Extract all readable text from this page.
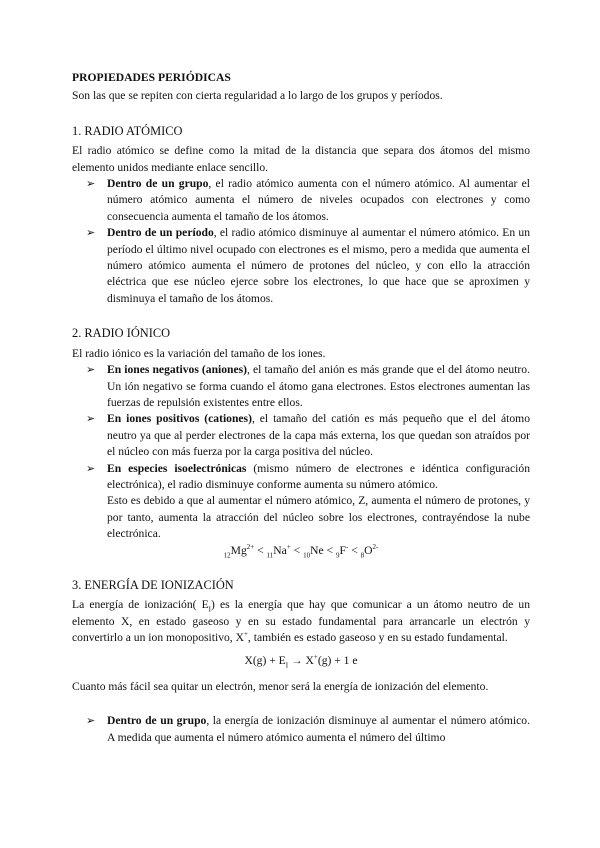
PROPIEDADES PERIÓDICAS

Son las que se repiten con cierta regularidad a lo largo de los grupos y períodos.

1. RADIO ATÓMICO

El radio atómico se define como la mitad de la distancia que separa dos átomos del mismo elemento unidos mediante enlace sencillo.

➢ Dentro de un grupo, el radio atómico aumenta con el número atómico. Al aumentar el número atómico aumenta el número de niveles ocupados con electrones y como consecuencia aumenta el tamaño de los átomos.
➢ Dentro de un período, el radio atómico disminuye al aumentar el número atómico. En un período el último nivel ocupado con electrones es el mismo, pero a medida que aumenta el número atómico aumenta el número de protones del núcleo, y con ello la atracción eléctrica que ese núcleo ejerce sobre los electrones, lo que hace que se aproximen y disminuya el tamaño de los átomos.
2. RADIO IÓNICO

El radio iónico es la variación del tamaño de los iones.

➢ En iones negativos (aniones), el tamaño del anión es más grande que el del átomo neutro. Un ión negativo se forma cuando el átomo gana electrones. Estos electrones aumentan las fuerzas de repulsión existentes entre ellos.
➢ En iones positivos (cationes), el tamaño del catión es más pequeño que el del átomo neutro ya que al perder electrones de la capa más externa, los que quedan son atraídos por el núcleo con más fuerza por la carga positiva del núcleo.
➢ En especies isoelectrónicas (mismo número de electrones e idéntica configuración electrónica), el radio disminuye conforme aumenta su número atómico.

Esto es debido a que al aumentar el número atómico, Z, aumenta el número de protones, y por tanto, aumenta la atracción del núcleo sobre los electrones, contrayéndose la nube electrónica.

$_{12}Mg^{2+} < _{11}Na^+ < _{10}Ne < _9F^- < _8O^{2-}$
3. ENERGÍA DE IONIZACIÓN

La energía de ionización( $E_I$) es la energía que hay que comunicar a un átomo neutro de un elemento X, en estado gaseoso y en su estado fundamental para arrancarle un electrón y convertirlo a un ion monopositivo, X+, también es estado gaseoso y en su estado fundamental.

$X(g) + E_I \to X^+(g) + 1$ e

Cuanto más fácil sea quitar un electrón, menor será la energía de ionización del elemento.

➢ Dentro de un grupo, la energía de ionización disminuye al aumentar el número atómico. A medida que aumenta el número atómico aumenta el número del último
